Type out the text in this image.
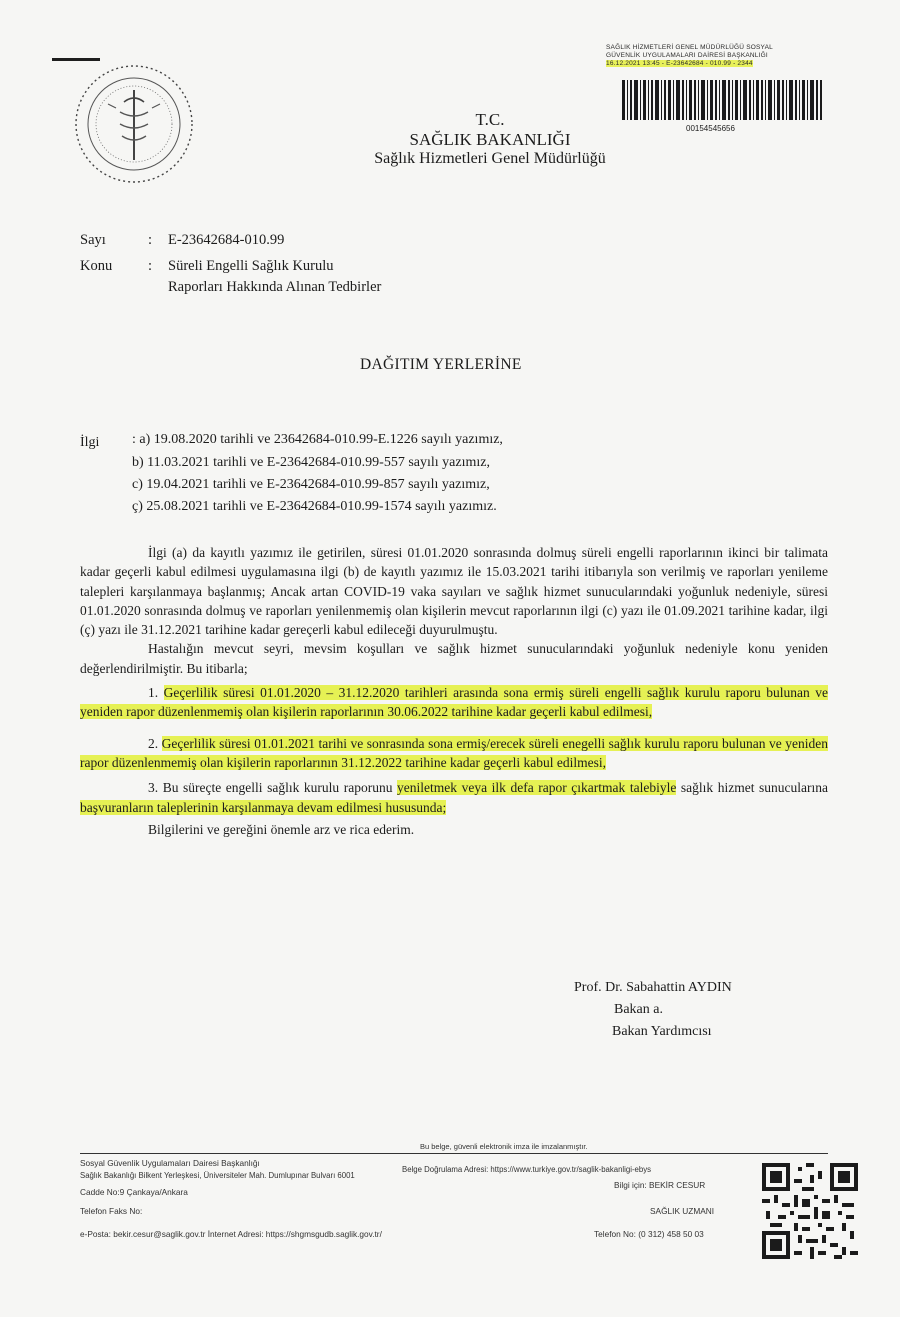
T.C.
SAĞLIK BAKANLIĞI
Sağlık Hizmetleri Genel Müdürlüğü
SAĞLIK HİZMETLERİ GENEL MÜDÜRLÜĞÜ SOSYAL
GÜVENLİK UYGULAMALARI DAİRESİ BAŞKANLIĞI
16.12.2021 13:45 - E-23642684 - 010.99 - 2344
00154545656
Sayı	: E-23642684-010.99
Konu : Süreli Engelli Sağlık Kurulu
Raporları Hakkında Alınan Tedbirler
DAĞITIM YERLERİNE
İlgi : a) 19.08.2020 tarihli ve 23642684-010.99-E.1226 sayılı yazımız,
b) 11.03.2021 tarihli ve E-23642684-010.99-557 sayılı yazımız,
c) 19.04.2021 tarihli ve E-23642684-010.99-857 sayılı yazımız,
ç) 25.08.2021 tarihli ve E-23642684-010.99-1574 sayılı yazımız.

İlgi (a) da kayıtlı yazımız ile getirilen, süresi 01.01.2020 sonrasında dolmuş süreli engelli raporlarının ikinci bir talimata kadar geçerli kabul edilmesi uygulamasına ilgi (b) de kayıtlı yazımız ile 15.03.2021 tarihi itibarıyla son verilmiş ve raporları yenileme talepleri karşılanmaya başlanmış; Ancak artan COVID-19 vaka sayıları ve sağlık hizmet sunucularındaki yoğunluk nedeniyle, süresi 01.01.2020 sonrasında dolmuş ve raporları yenilenmemiş olan kişilerin mevcut raporlarının ilgi (c) yazı ile 01.09.2021 tarihine kadar, ilgi (ç) yazı ile 31.12.2021 tarihine kadar gereçerli kabul edileceği duyurulmuştu.

Hastalığın mevcut seyri, mevsim koşulları ve sağlık hizmet sunucularındaki yoğunluk nedeniyle konu yeniden değerlendirilmiştir. Bu itibarla;

1. Geçerlilik süresi 01.01.2020 – 31.12.2020 tarihleri arasında sona ermiş süreli engelli sağlık kurulu raporu bulunan ve yeniden rapor düzenlenmemiş olan kişilerin raporlarının 30.06.2022 tarihine kadar geçerli kabul edilmesi,

2. Geçerlilik süresi 01.01.2021 tarihi ve sonrasında sona ermiş/erecek süreli enegelli sağlık kurulu raporu bulunan ve yeniden rapor düzenlenmemiş olan kişilerin raporlarının 31.12.2022 tarihine kadar geçerli kabul edilmesi,

3. Bu süreçte engelli sağlık kurulu raporunu yeniletmek veya ilk defa rapor çıkartmak talebiyle sağlık hizmet sunucularına başvuranların taleplerinin karşılanmaya devam edilmesi hususunda;

Bilgilerini ve gereğini önemle arz ve rica ederim.

Prof. Dr. Sabahattin AYDIN
Bakan a.
Bakan Yardımcısı
Bu belge, güvenli elektronik imza ile imzalanmıştır.
Sosyal Güvenlik Uygulamaları Dairesi Başkanlığı
Sağlık Bakanlığı Bilkent Yerleşkesi, Üniversiteler Mah. Dumlupınar Bulvarı 6001
Belge Doğrulama Adresi: https://www.turkiye.gov.tr/saglik-bakanligi-ebys
Cadde No:9 Çankaya/Ankara
Telefon Faks No:
e-Posta: bekir.cesur@saglik.gov.tr İnternet Adresi: https://shgmsgudb.saglik.gov.tr/
Bilgi için: BEKİR CESUR
SAĞLIK UZMANI
Telefon No: (0 312) 458 50 03
